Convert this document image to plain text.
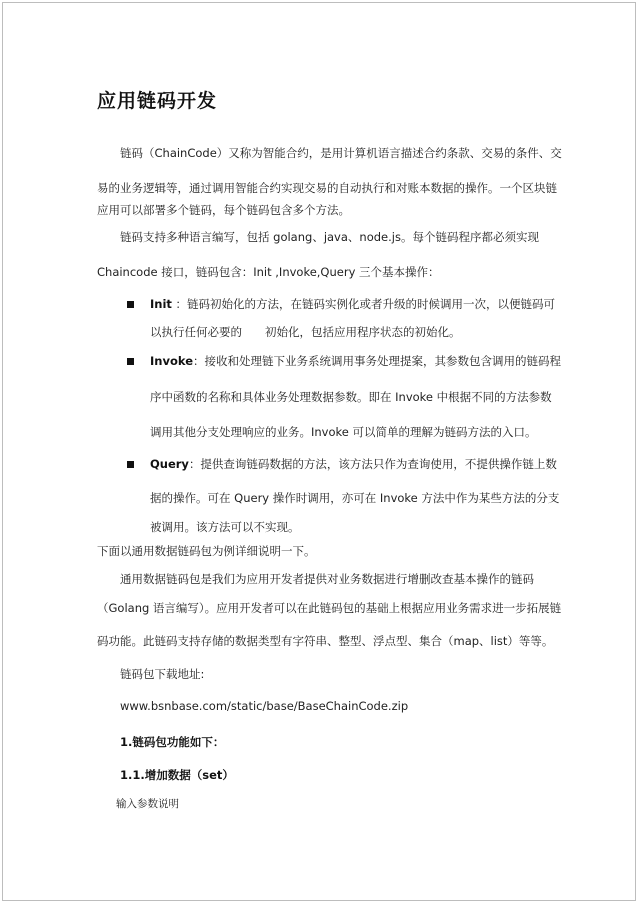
应用链码开发
链码（ChainCode）又称为智能合约，是用计算机语言描述合约条款、交易的条件、交
易的业务逻辑等，通过调用智能合约实现交易的自动执行和对账本数据的操作。一个区块链
应用可以部署多个链码，每个链码包含多个方法。
链码支持多种语言编写，包括 golang、java、node.js。每个链码程序都必须实现
Chaincode 接口，链码包含：Init ,Invoke,Query 三个基本操作：
Init ：链码初始化的方法，在链码实例化或者升级的时候调用一次，以便链码可
以执行任何必要的　　初始化，包括应用程序状态的初始化。
Invoke：接收和处理链下业务系统调用事务处理提案，其参数包含调用的链码程
序中函数的名称和具体业务处理数据参数。即在 Invoke 中根据不同的方法参数
调用其他分支处理响应的业务。Invoke 可以简单的理解为链码方法的入口。
Query：提供查询链码数据的方法，该方法只作为查询使用，不提供操作链上数
据的操作。可在 Query 操作时调用，亦可在 Invoke 方法中作为某些方法的分支
被调用。该方法可以不实现。
下面以通用数据链码包为例详细说明一下。
通用数据链码包是我们为应用开发者提供对业务数据进行增删改查基本操作的链码
（Golang 语言编写）。应用开发者可以在此链码包的基础上根据应用业务需求进一步拓展链
码功能。此链码支持存储的数据类型有字符串、整型、浮点型、集合（map、list）等等。
链码包下载地址:
www.bsnbase.com/static/base/BaseChainCode.zip
1.链码包功能如下：
1.1.增加数据（set）
输入参数说明
